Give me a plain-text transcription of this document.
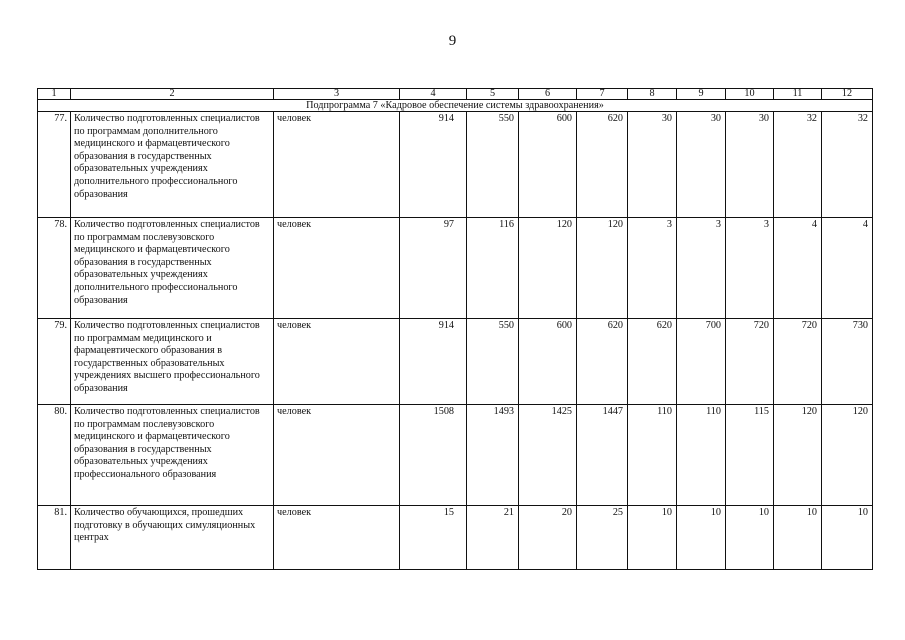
9
1	2	3	4	5	6	7	8	9	10	11	12
Подпрограмма 7 «Кадровое обеспечение системы здравоохранения»											
77.	Количество подготовленных специалистов по программам дополнительного медицинского и фармацевтического образования в государственных образовательных учреждениях дополнительного профессионального образования	человек	914	550	600	620	30	30	30	32	32
78.	Количество подготовленных специалистов по программам послевузовского медицинского и фармацевтического образования в государственных образовательных учреждениях дополнительного профессионального образования	человек	97	116	120	120	3	3	3	4	4
79.	Количество подготовленных специалистов по программам медицинского и фармацевтического образования в государственных образовательных учреждениях высшего профессионального образования	человек	914	550	600	620	620	700	720	720	730
80.	Количество подготовленных специалистов по программам послевузовского медицинского и фармацевтического образования в государственных образовательных учреждениях профессионального образования	человек	1508	1493	1425	1447	110	110	115	120	120
81.	Количество обучающихся, прошедших подготовку в обучающих симуляционных центрах	человек	15	21	20	25	10	10	10	10	10
